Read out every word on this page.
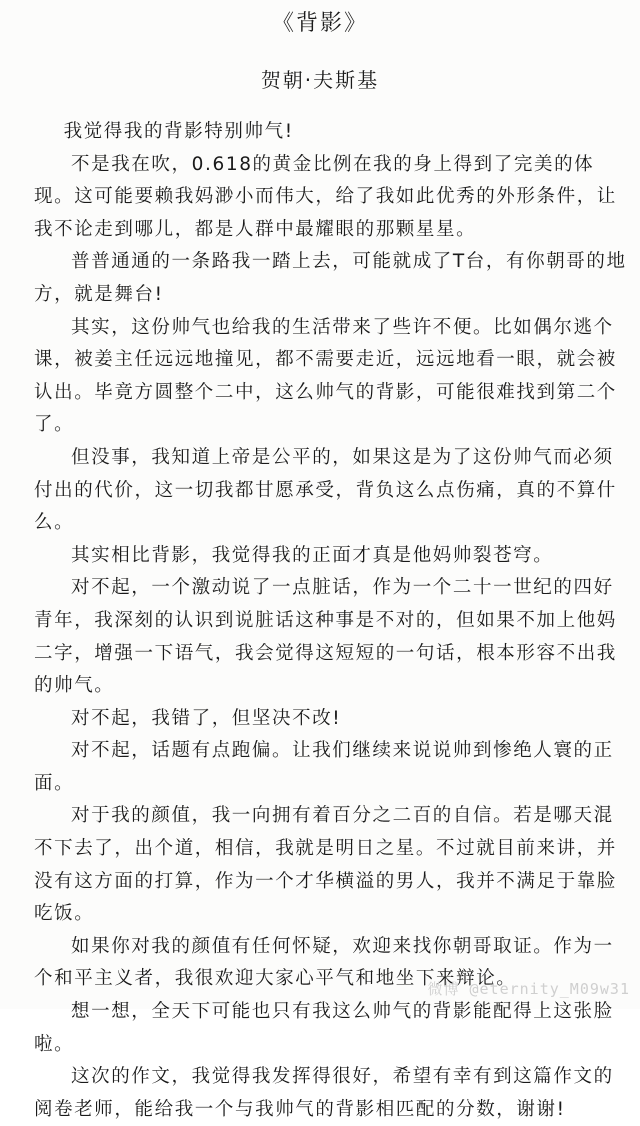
《背影》
贺朝·夫斯基

我觉得我的背影特别帅气!

不是我在吹，0.618的黄金比例在我的身上得到了完美的体现。这可能要赖我妈渺小而伟大，给了我如此优秀的外形条件，让我不论走到哪儿，都是人群中最耀眼的那颗星星。

普普通通的一条路我一踏上去，可能就成了T台，有你朝哥的地方，就是舞台!

其实，这份帅气也给我的生活带来了些许不便。比如偶尔逃个课，被姜主任远远地撞见，都不需要走近，远远地看一眼，就会被认出。毕竟方圆整个二中，这么帅气的背影，可能很难找到第二个了。

但没事，我知道上帝是公平的，如果这是为了这份帅气而必须付出的代价，这一切我都甘愿承受，背负这么点伤痛，真的不算什么。

其实相比背影，我觉得我的正面才真是他妈帅裂苍穹。

对不起，一个激动说了一点脏话，作为一个二十一世纪的四好青年，我深刻的认识到说脏话这种事是不对的，但如果不加上他妈二字，增强一下语气，我会觉得这短短的一句话，根本形容不出我的帅气。

对不起，我错了，但坚决不改!

对不起，话题有点跑偏。让我们继续来说说帅到惨绝人寰的正面。

对于我的颜值，我一向拥有着百分之二百的自信。若是哪天混不下去了，出个道，相信，我就是明日之星。不过就目前来讲，并没有这方面的打算，作为一个才华横溢的男人，我并不满足于靠脸吃饭。

如果你对我的颜值有任何怀疑，欢迎来找你朝哥取证。作为一个和平主义者，我很欢迎大家心平气和地坐下来辩论。

想一想，全天下可能也只有我这么帅气的背影能配得上这张脸啦。

这次的作文，我觉得我发挥得很好，希望有幸有到这篇作文的阅卷老师，能给我一个与我帅气的背影相匹配的分数，谢谢!

微博 @eternity_M09w31
